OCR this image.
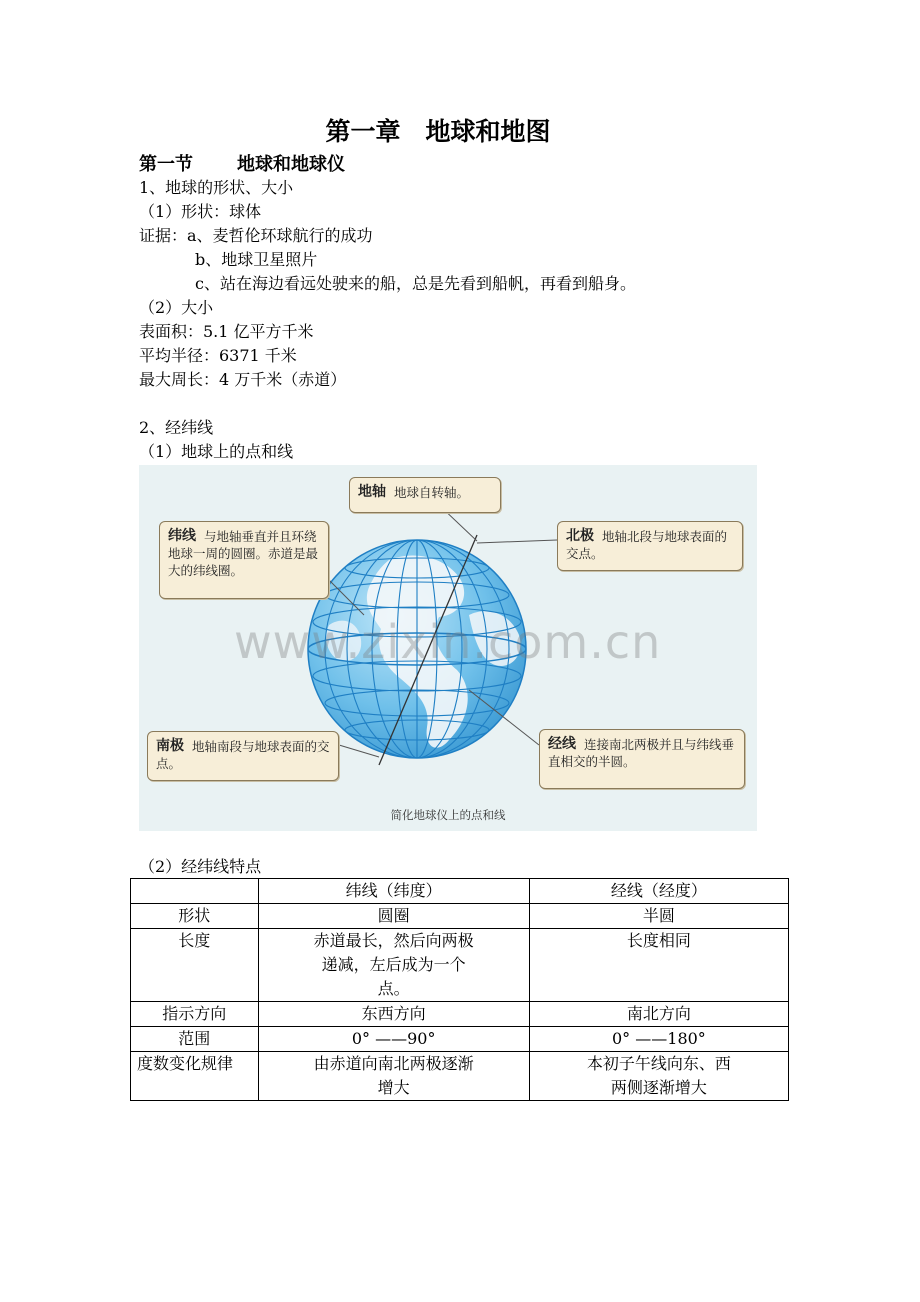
第一章　地球和地图
第一节 地球和地球仪
1、地球的形状、大小
（1）形状：球体
证据：a、麦哲伦环球航行的成功
b、地球卫星照片
c、站在海边看远处驶来的船，总是先看到船帆，再看到船身。
（2）大小
表面积：5.1 亿平方千米
平均半径：6371 千米
最大周长：4 万千米（赤道）
2、经纬线
（1）地球上的点和线
www.zixin.com.cn
地轴 地球自转轴。
纬线 与地轴垂直并且环绕地球一周的圆圈。赤道是最大的纬线圈。
北极 地轴北段与地球表面的交点。
南极 地轴南段与地球表面的交点。
经线 连接南北两极并且与纬线垂直相交的半圆。
简化地球仪上的点和线
（2）经纬线特点
	纬线（纬度）	经线（经度）
形状	圆圈	半圆
长度	赤道最长，然后向两极递减，左后成为一个点。	长度相同
指示方向	东西方向	南北方向
范围	0° ——90°	0° ——180°
度数变化规律	由赤道向南北两极逐渐增大	本初子午线向东、西两侧逐渐增大
